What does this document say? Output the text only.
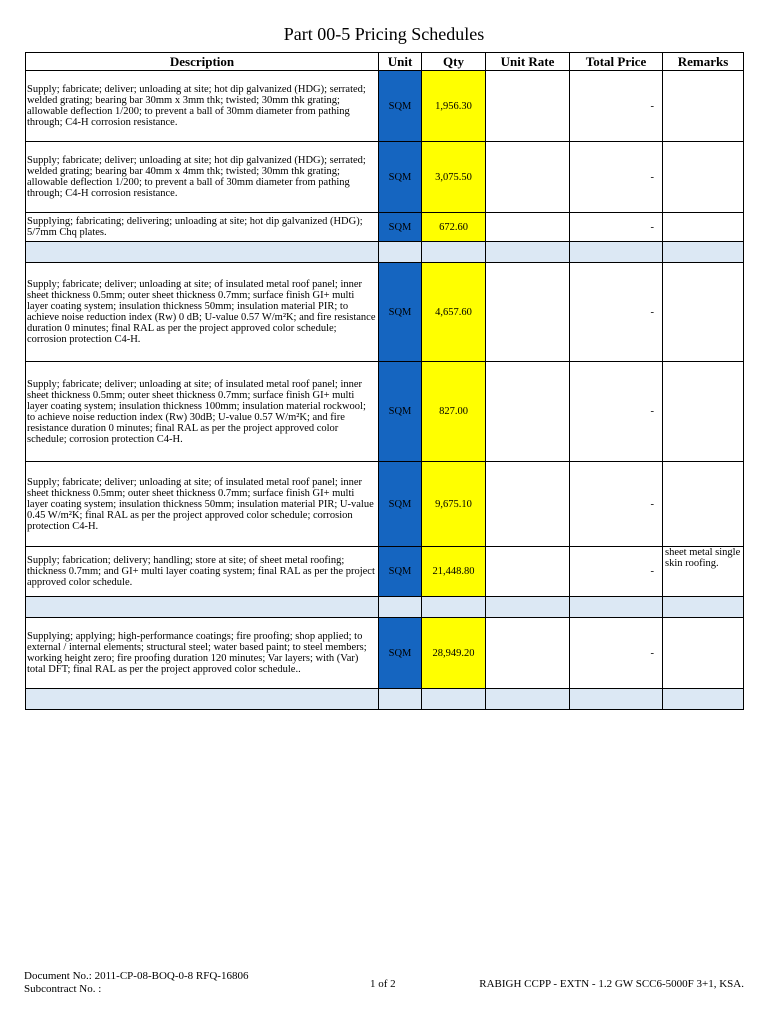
Part 00-5 Pricing Schedules
Description	Unit	Qty	Unit Rate	Total Price	Remarks
Supply; fabricate; deliver; unloading at site; hot dip galvanized (HDG); serrated; welded grating; bearing bar 30mm x 3mm thk; twisted; 30mm thk grating; allowable deflection 1/200; to prevent a ball of 30mm diameter from pathing through; C4-H corrosion resistance.	SQM	1,956.30		-	
Supply; fabricate; deliver; unloading at site; hot dip galvanized (HDG); serrated; welded grating; bearing bar 40mm x 4mm thk; twisted; 30mm thk grating; allowable deflection 1/200; to prevent a ball of 30mm diameter from pathing through; C4-H corrosion resistance.	SQM	3,075.50		-	
Supplying; fabricating; delivering; unloading at site; hot dip galvanized (HDG); 5/7mm Chq plates.	SQM	672.60		-	

Supply; fabricate; deliver; unloading at site; of insulated metal roof panel; inner sheet thickness 0.5mm; outer sheet thickness 0.7mm; surface finish GI+ multi layer coating system; insulation thickness 50mm; insulation material PIR; to achieve noise reduction index (Rw) 0 dB; U-value 0.57 W/m²K; and fire resistance duration 0 minutes; final RAL as per the project approved color schedule; corrosion protection C4-H.	SQM	4,657.60		-	
Supply; fabricate; deliver; unloading at site; of insulated metal roof panel; inner sheet thickness 0.5mm; outer sheet thickness 0.7mm; surface finish GI+ multi layer coating system; insulation thickness 100mm; insulation material rockwool; to achieve noise reduction index (Rw) 30dB; U-value 0.57 W/m²K; and fire resistance duration 0 minutes; final RAL as per the project approved color schedule; corrosion protection C4-H.	SQM	827.00		-	
Supply; fabricate; deliver; unloading at site; of insulated metal roof panel; inner sheet thickness 0.5mm; outer sheet thickness 0.7mm; surface finish GI+ multi layer coating system; insulation thickness 50mm; insulation material PIR; U-value 0.45 W/m²K; final RAL as per the project approved color schedule; corrosion protection C4-H.	SQM	9,675.10		-	
Supply; fabrication; delivery; handling; store at site; of sheet metal roofing; thickness 0.7mm; and GI+ multi layer coating system; final RAL as per the project approved color schedule.	SQM	21,448.80		-	sheet metal single skin roofing.

Supplying; applying; high-performance coatings; fire proofing; shop applied; to external / internal elements; structural steel; water based paint; to steel members; working height zero; fire proofing duration 120 minutes; Var layers; with (Var) total DFT; final RAL as per the project approved color schedule..	SQM	28,949.20		-	

Document No.: 2011-CP-08-BOQ-0-8 RFQ-16806
Subcontract No. :	1 of 2	RABIGH CCPP - EXTN - 1.2 GW SCC6-5000F 3+1, KSA.
